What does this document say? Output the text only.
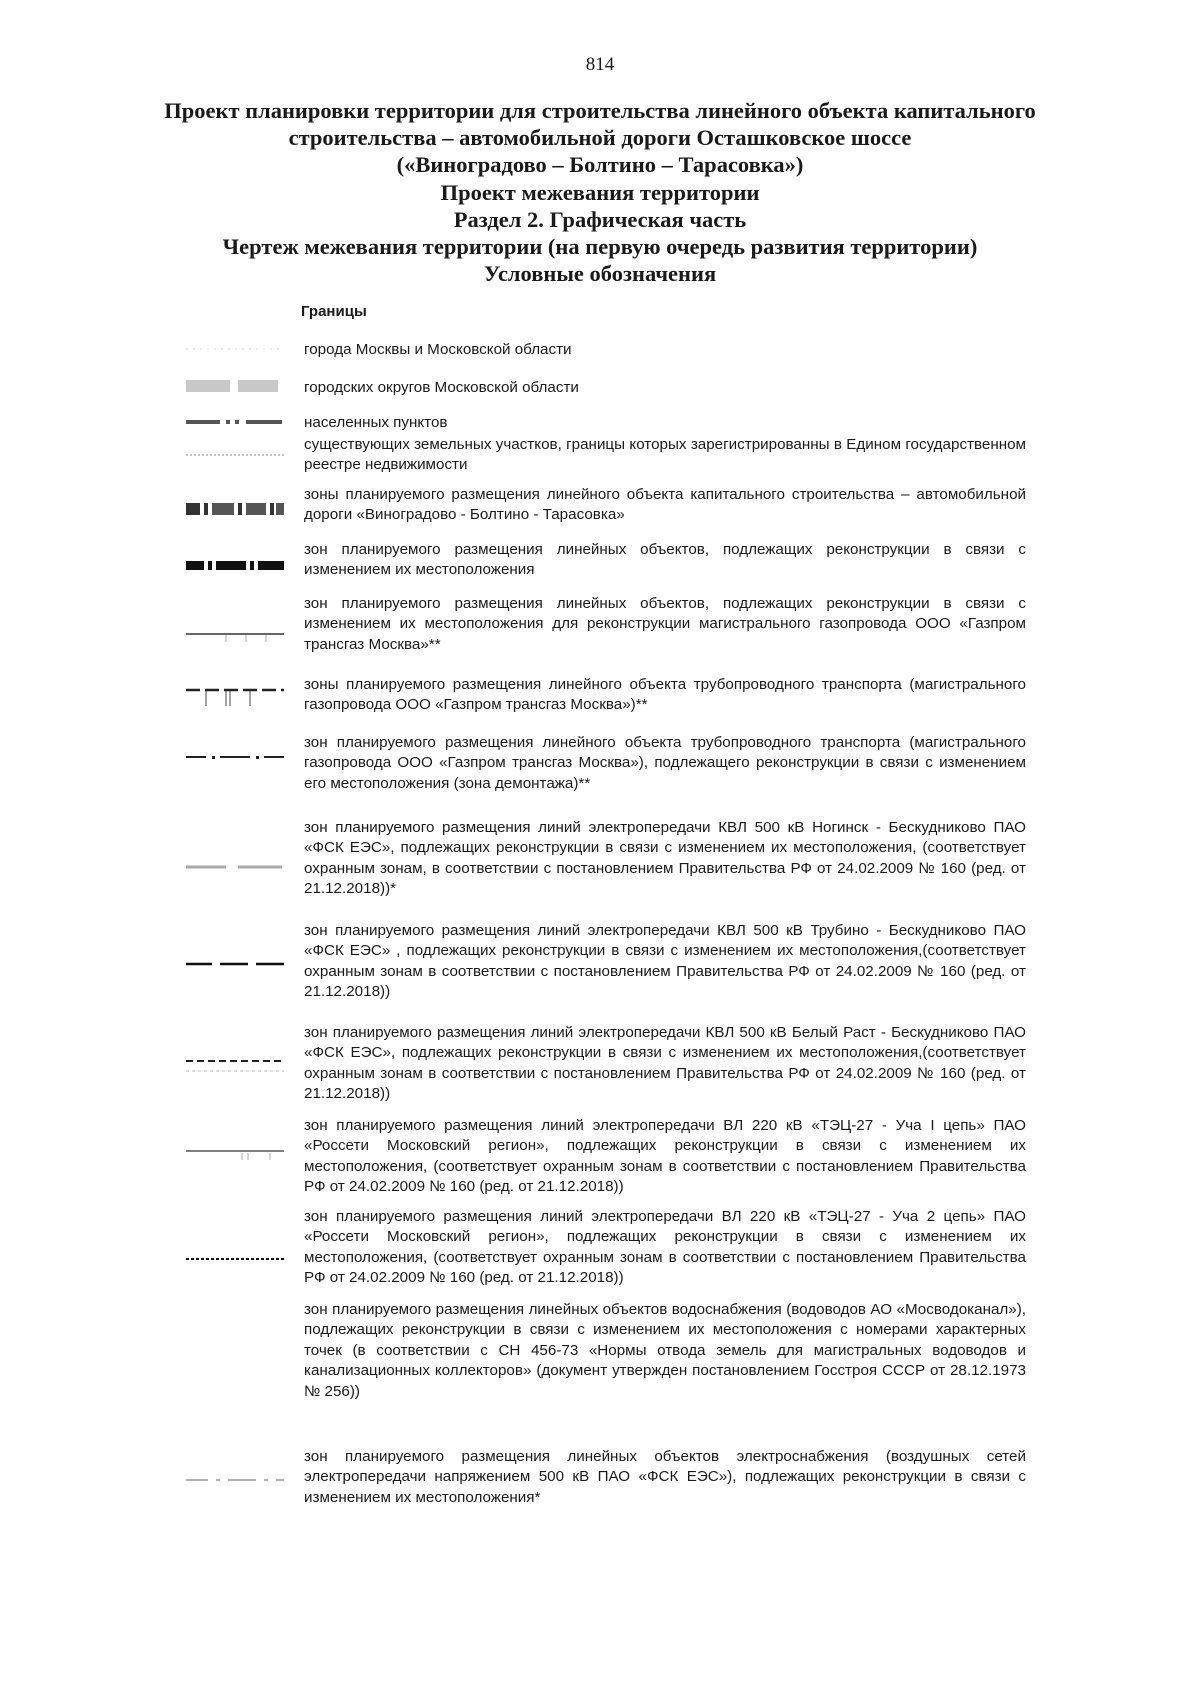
814
Проект планировки территории для строительства линейного объекта капитального
строительства – автомобильной дороги Осташковское шоссе
(«Виноградово – Болтино – Тарасовка»)
Проект межевания территории
Раздел 2. Графическая часть
Чертеж межевания территории (на первую очередь развития территории)
Условные обозначения
Границы
города Москвы и Московской области
городских округов Московской области
населенных пунктов
существующих земельных участков, границы которых зарегистрированны в Едином государственном реестре недвижимости
зоны планируемого размещения линейного объекта капитального строительства – автомобильной дороги «Виноградово - Болтино - Тарасовка»
зон планируемого размещения линейных объектов, подлежащих реконструкции в связи с изменением их местоположения
зон планируемого размещения линейных объектов, подлежащих реконструкции в связи с изменением их местоположения для реконструкции магистрального газопровода ООО «Газпром трансгаз Москва»**
зоны планируемого размещения линейного объекта трубопроводного транспорта (магистрального газопровода ООО «Газпром трансгаз Москва»)**
зон планируемого размещения линейного объекта трубопроводного транспорта (магистрального газопровода ООО «Газпром трансгаз Москва»), подлежащего реконструкции в связи с изменением его местоположения (зона демонтажа)**
зон планируемого размещения линий электропередачи КВЛ 500 кВ Ногинск - Бескудниково ПАО «ФСК ЕЭС», подлежащих реконструкции в связи с изменением их местоположения, (соответствует охранным зонам, в соответствии с постановлением Правительства РФ от 24.02.2009 № 160 (ред. от 21.12.2018))*
зон планируемого размещения линий электропередачи КВЛ 500 кВ Трубино - Бескудниково ПАО «ФСК ЕЭС» , подлежащих реконструкции в связи с изменением их местоположения,(соответствует охранным зонам в соответствии с постановлением Правительства РФ от 24.02.2009 № 160 (ред. от 21.12.2018))
зон планируемого размещения линий электропередачи КВЛ 500 кВ Белый Раст - Бескудниково ПАО «ФСК ЕЭС», подлежащих реконструкции в связи с изменением их местоположения,(соответствует охранным зонам в соответствии с постановлением Правительства РФ от 24.02.2009 № 160 (ред. от 21.12.2018))
зон планируемого размещения линий электропередачи ВЛ 220 кВ «ТЭЦ-27 - Уча I цепь» ПАО «Россети Московский регион», подлежащих реконструкции в связи с изменением их местоположения, (соответствует охранным зонам в соответствии с постановлением Правительства РФ от 24.02.2009 № 160 (ред. от 21.12.2018))
зон планируемого размещения линий электропередачи ВЛ 220 кВ «ТЭЦ-27 - Уча 2 цепь» ПАО «Россети Московский регион», подлежащих реконструкции в связи с изменением их местоположения, (соответствует охранным зонам в соответствии с постановлением Правительства РФ от 24.02.2009 № 160 (ред. от 21.12.2018))
зон планируемого размещения линейных объектов водоснабжения (водоводов АО «Мосводоканал»), подлежащих реконструкции в связи с изменением их местоположения с номерами характерных точек (в соответствии с СН 456-73 «Нормы отвода земель для магистральных водоводов и канализационных коллекторов» (документ утвержден постановлением Госстроя СССР от 28.12.1973 № 256))
зон планируемого размещения линейных объектов электроснабжения (воздушных сетей электропередачи напряжением 500 кВ ПАО «ФСК ЕЭС»), подлежащих реконструкции в связи с изменением их местоположения*
